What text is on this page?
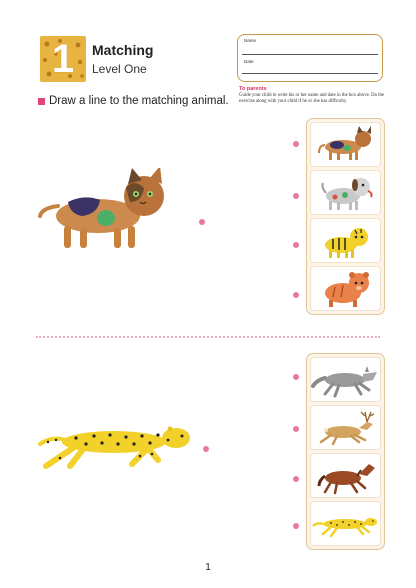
1	Matching
Level One
Draw a line to the matching animal.
Name
Date
To parents
Guide your child to write his or her name and date in the box above. Do the exercise along with your child if he or she has difficulty.
1
